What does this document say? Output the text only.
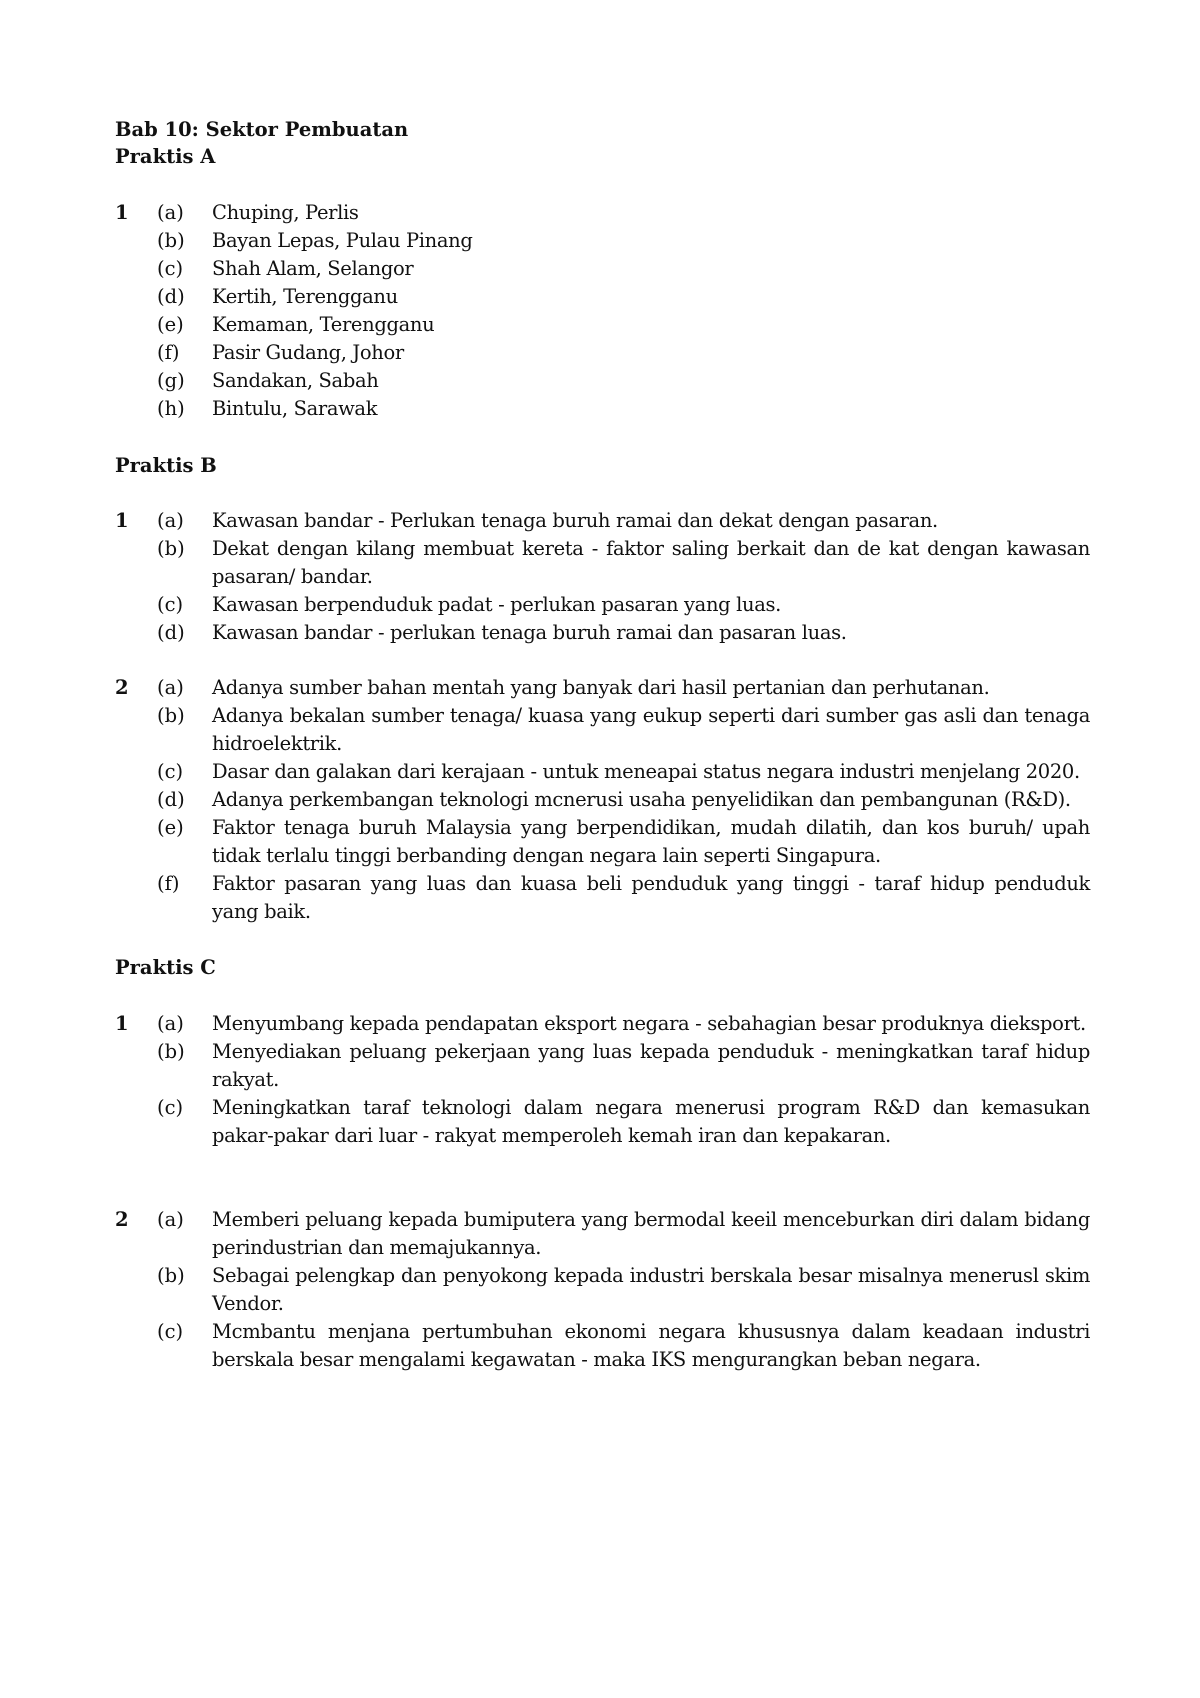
Bab 10: Sektor Pembuatan
Praktis A
1 (a) Chuping, Perlis
(b) Bayan Lepas, Pulau Pinang
(c) Shah Alam, Selangor
(d) Kertih, Terengganu
(e) Kemaman, Terengganu
(f) Pasir Gudang, Johor
(g) Sandakan, Sabah
(h) Bintulu, Sarawak
Praktis B
1 (a) Kawasan bandar - Perlukan tenaga buruh ramai dan dekat dengan pasaran.
(b) Dekat dengan kilang membuat kereta - faktor saling berkait dan de kat dengan kawasan pasaran/ bandar.
(c) Kawasan berpenduduk padat - perlukan pasaran yang luas.
(d) Kawasan bandar - perlukan tenaga buruh ramai dan pasaran luas.
2 (a) Adanya sumber bahan mentah yang banyak dari hasil pertanian dan perhutanan.
(b) Adanya bekalan sumber tenaga/ kuasa yang eukup seperti dari sumber gas asli dan tenaga hidroelektrik.
(c) Dasar dan galakan dari kerajaan - untuk meneapai status negara industri menjelang 2020.
(d) Adanya perkembangan teknologi mcnerusi usaha penyelidikan dan pembangunan (R&D).
(e) Faktor tenaga buruh Malaysia yang berpendidikan, mudah dilatih, dan kos buruh/ upah tidak terlalu tinggi berbanding dengan negara lain seperti Singapura.
(f) Faktor pasaran yang luas dan kuasa beli penduduk yang tinggi - taraf hidup penduduk yang baik.
Praktis C
1 (a) Menyumbang kepada pendapatan eksport negara - sebahagian besar produknya dieksport.
(b) Menyediakan peluang pekerjaan yang luas kepada penduduk - meningkatkan taraf hidup rakyat.
(c) Meningkatkan taraf teknologi dalam negara menerusi program R&D dan kemasukan pakar-pakar dari luar - rakyat memperoleh kemah iran dan kepakaran.
2 (a) Memberi peluang kepada bumiputera yang bermodal keeil menceburkan diri dalam bidang perindustrian dan memajukannya.
(b) Sebagai pelengkap dan penyokong kepada industri berskala besar misalnya menerusl skim Vendor.
(c) Mcmbantu menjana pertumbuhan ekonomi negara khususnya dalam keadaan industri berskala besar mengalami kegawatan - maka IKS mengurangkan beban negara.
